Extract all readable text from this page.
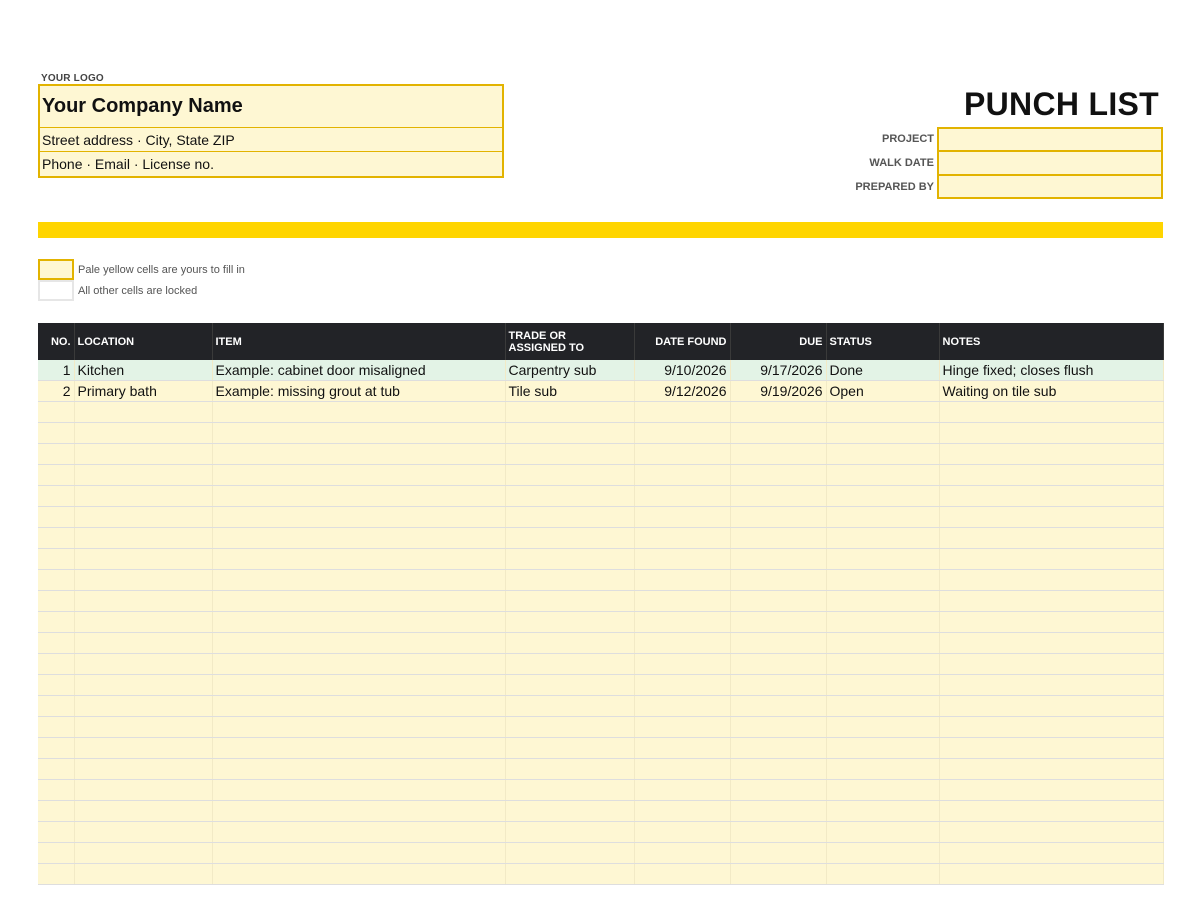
YOUR LOGO
Your Company Name
Street address · City, State ZIP
Phone · Email · License no.
PUNCH LIST
PROJECT
WALK DATE
PREPARED BY
Pale yellow cells are yours to fill in
All other cells are locked
NO.	LOCATION	ITEM	TRADE OR
ASSIGNED TO	DATE FOUND	DUE	STATUS	NOTES
1	Kitchen	Example: cabinet door misaligned	Carpentry sub	9/10/2026	9/17/2026	Done	Hinge fixed; closes flush
2	Primary bath	Example: missing grout at tub	Tile sub	9/12/2026	9/19/2026	Open	Waiting on tile sub
